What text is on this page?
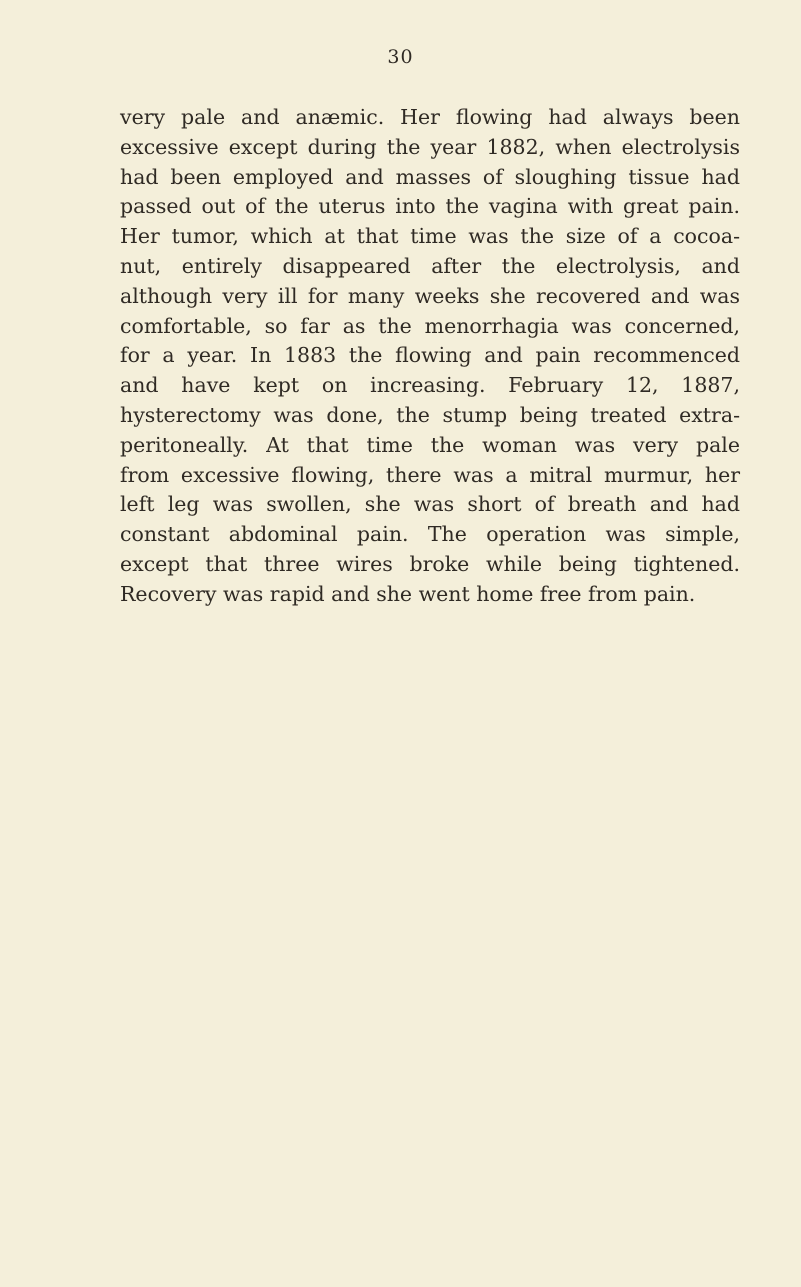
30
very pale and anæmic. Her flowing had always been
excessive except during the year 1882, when electrolysis
had been employed and masses of sloughing tissue had
passed out of the uterus into the vagina with great pain.
Her tumor, which at that time was the size of a cocoa-
nut, entirely disappeared after the electrolysis, and
although very ill for many weeks she recovered and was
comfortable, so far as the menorrhagia was concerned,
for a year. In 1883 the flowing and pain recommenced
and have kept on increasing. February 12, 1887,
hysterectomy was done, the stump being treated extra-
peritoneally. At that time the woman was very pale
from excessive flowing, there was a mitral murmur, her
left leg was swollen, she was short of breath and had
constant abdominal pain. The operation was simple,
except that three wires broke while being tightened.
Recovery was rapid and she went home free from pain.
